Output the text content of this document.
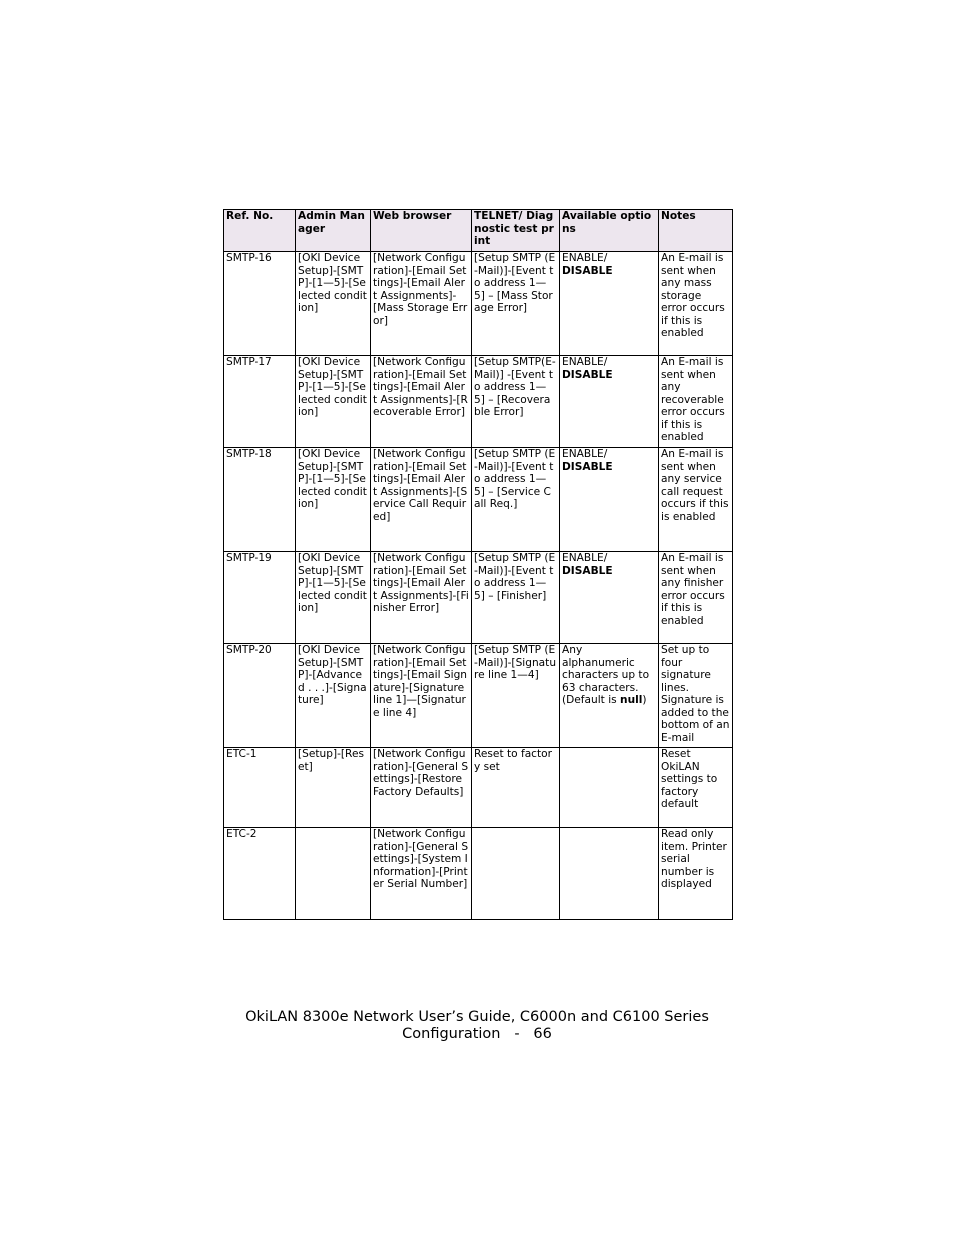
Ref. No.	Admin Manager	Web browser	TELNET/ Diagnostic test print	Available options	Notes
SMTP-16	[OKI Device Setup]-[SMTP]-[1—5]-[Selected condition]	[Network Configuration]-[Email Settings]-[Email Alert Assignments]-[Mass Storage Error]	[Setup SMTP (E-Mail)]-[Event to address 1—5] – [Mass Storage Error]	ENABLE/
DISABLE	An E-mail is sent when any mass storage error occurs if this is enabled
SMTP-17	[OKI Device Setup]-[SMTP]-[1—5]-[Selected condition]	[Network Configuration]-[Email Settings]-[Email Alert Assignments]-[Recoverable Error]	[Setup SMTP(E-Mail)] -[Event to address 1—5] – [Recoverable Error]	ENABLE/
DISABLE	An E-mail is sent when any recoverable error occurs if this is enabled
SMTP-18	[OKI Device Setup]-[SMTP]-[1—5]-[Selected condition]	[Network Configuration]-[Email Settings]-[Email Alert Assignments]-[Service Call Required]	[Setup SMTP (E-Mail)]-[Event to address 1—5] – [Service Call Req.]	ENABLE/
DISABLE	An E-mail is sent when any service call request occurs if this is enabled
SMTP-19	[OKI Device Setup]-[SMTP]-[1—5]-[Selected condition]	[Network Configuration]-[Email Settings]-[Email Alert Assignments]-[Finisher Error]	[Setup SMTP (E-Mail)]-[Event to address 1—5] – [Finisher]	ENABLE/
DISABLE	An E-mail is sent when any finisher error occurs if this is enabled
SMTP-20	[OKI Device Setup]-[SMTP]-[Advanced . . .]-[Signature]	[Network Configuration]-[Email Settings]-[Email Signature]-[Signature line 1]—[Signature line 4]	[Setup SMTP (E-Mail)]-[Signature line 1—4]	Any alphanumeric characters up to 63 characters. (Default is null)	Set up to four signature lines. Signature is added to the bottom of an E-mail
ETC-1	[Setup]-[Reset]	[Network Configuration]-[General Settings]-[Restore Factory Defaults]	Reset to factory set		Reset OkiLAN settings to factory default
ETC-2		[Network Configuration]-[General Settings]-[System Information]-[Printer Serial Number]			Read only item. Printer serial number is displayed
OkiLAN 8300e Network User’s Guide, C6000n and C6100 Series
Configuration   -   66
